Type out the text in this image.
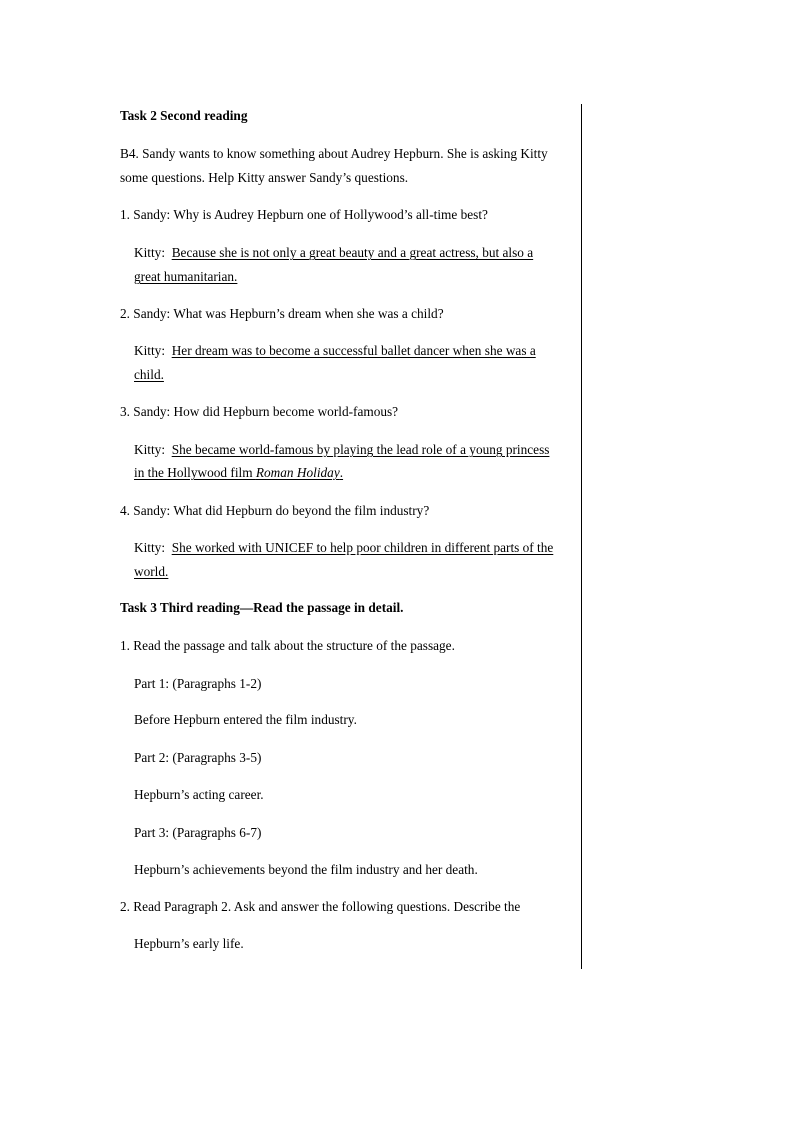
Task 2 Second reading
B4. Sandy wants to know something about Audrey Hepburn. She is asking Kitty
some questions. Help Kitty answer Sandy’s questions.
1. Sandy: Why is Audrey Hepburn one of Hollywood’s all-time best?
Kitty: Because she is not only a great beauty and a great actress, but also a
great humanitarian.
2. Sandy: What was Hepburn’s dream when she was a child?
Kitty: Her dream was to become a successful ballet dancer when she was a
child.
3. Sandy: How did Hepburn become world-famous?
Kitty: She became world-famous by playing the lead role of a young princess
in the Hollywood film Roman Holiday.
4. Sandy: What did Hepburn do beyond the film industry?
Kitty: She worked with UNICEF to help poor children in different parts of the
world.
Task 3 Third reading—Read the passage in detail.
1. Read the passage and talk about the structure of the passage.
Part 1: (Paragraphs 1-2)
Before Hepburn entered the film industry.
Part 2: (Paragraphs 3-5)
Hepburn’s acting career.
Part 3: (Paragraphs 6-7)
Hepburn’s achievements beyond the film industry and her death.
2. Read Paragraph 2. Ask and answer the following questions. Describe the
Hepburn’s early life.
